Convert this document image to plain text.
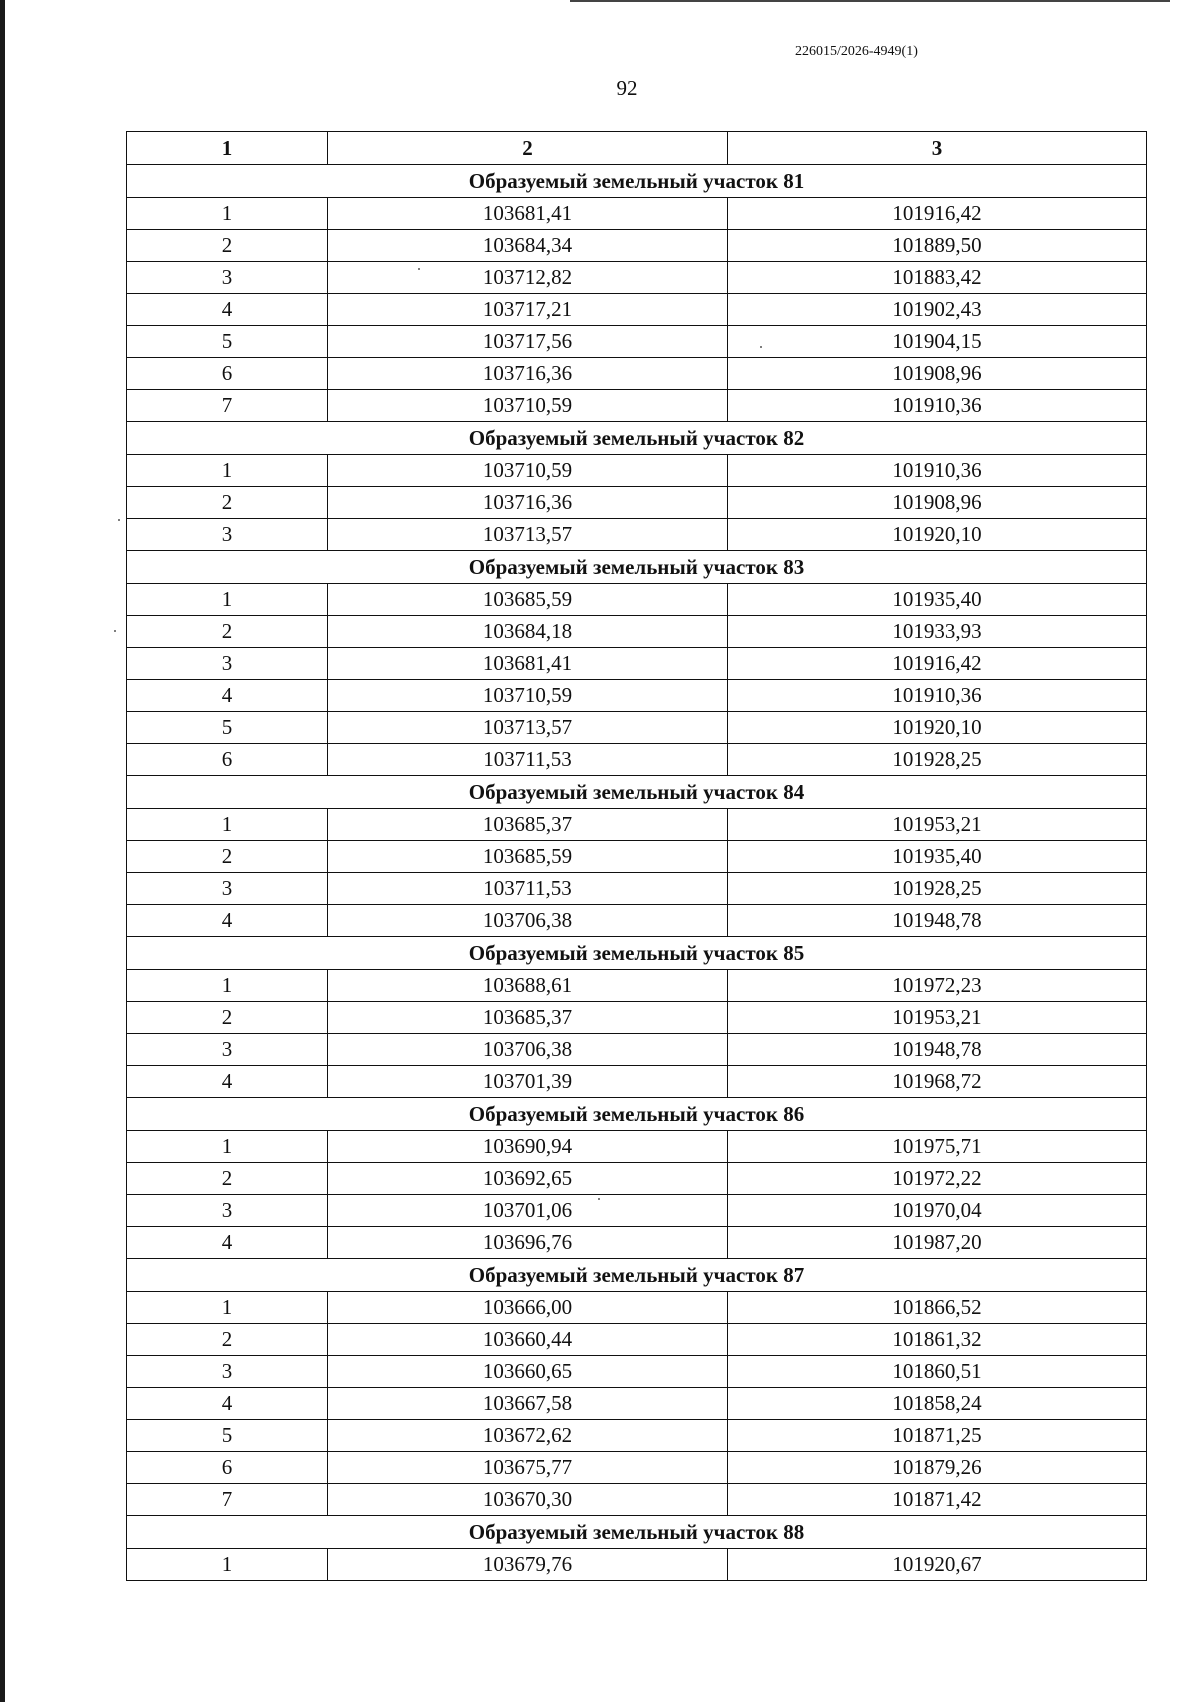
226015/2026-4949(1)
92
1	2	3
Образуемый земельный участок 81		
1	103681,41	101916,42
2	103684,34	101889,50
3	103712,82	101883,42
4	103717,21	101902,43
5	103717,56	101904,15
6	103716,36	101908,96
7	103710,59	101910,36
Образуемый земельный участок 82		
1	103710,59	101910,36
2	103716,36	101908,96
3	103713,57	101920,10
Образуемый земельный участок 83		
1	103685,59	101935,40
2	103684,18	101933,93
3	103681,41	101916,42
4	103710,59	101910,36
5	103713,57	101920,10
6	103711,53	101928,25
Образуемый земельный участок 84		
1	103685,37	101953,21
2	103685,59	101935,40
3	103711,53	101928,25
4	103706,38	101948,78
Образуемый земельный участок 85		
1	103688,61	101972,23
2	103685,37	101953,21
3	103706,38	101948,78
4	103701,39	101968,72
Образуемый земельный участок 86		
1	103690,94	101975,71
2	103692,65	101972,22
3	103701,06	101970,04
4	103696,76	101987,20
Образуемый земельный участок 87		
1	103666,00	101866,52
2	103660,44	101861,32
3	103660,65	101860,51
4	103667,58	101858,24
5	103672,62	101871,25
6	103675,77	101879,26
7	103670,30	101871,42
Образуемый земельный участок 88		
1	103679,76	101920,67
